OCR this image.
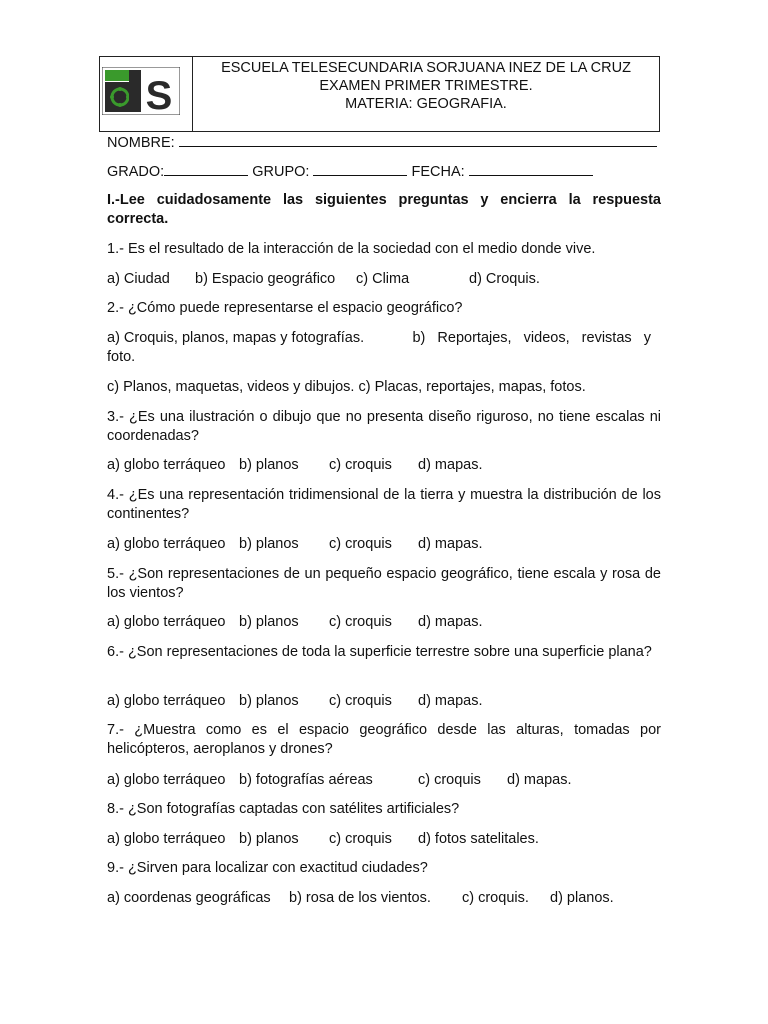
S
ESCUELA TELESECUNDARIA SORJUANA INEZ DE LA CRUZ
EXAMEN PRIMER TRIMESTRE.
MATERIA: GEOGRAFIA.
NOMBRE:
GRADO:	GRUPO:	FECHA:
I.-Lee cuidadosamente las siguientes preguntas y encierra la respuesta correcta.
1.- Es el resultado de la interacción de la sociedad con el medio donde vive.
a) Ciudad b) Espacio geográfico c) Clima	d) Croquis.
2.- ¿Cómo puede representarse el espacio geográfico?
a) Croquis, planos, mapas y fotografías.            b)   Reportajes,   videos,   revistas   y foto.
c) Planos, maquetas, videos y dibujos. c) Placas, reportajes, mapas, fotos.
3.- ¿Es una ilustración o dibujo que no presenta diseño riguroso, no tiene escalas ni coordenadas?
a) globo terráqueo b) planos c) croquis d) mapas.
4.- ¿Es una representación tridimensional de la tierra y muestra la distribución de los continentes?
a) globo terráqueo b) planos c) croquis d) mapas.
5.- ¿Son representaciones de un pequeño espacio geográfico, tiene escala y rosa de los vientos?
a) globo terráqueo b) planos c) croquis d) mapas.
6.- ¿Son representaciones de toda la superficie terrestre sobre una superficie plana?
a) globo terráqueo b) planos c) croquis d) mapas.
7.- ¿Muestra como es el espacio geográfico desde las alturas, tomadas por helicópteros, aeroplanos y drones?
a) globo terráqueo b) fotografías aéreas	c) croquis d) mapas.
8.- ¿Son fotografías captadas con satélites artificiales?
a) globo terráqueo b) planos c) croquis d) fotos satelitales.
9.- ¿Sirven para localizar con exactitud ciudades?
a) coordenas geográficas b) rosa de los vientos. c) croquis. d) planos.
